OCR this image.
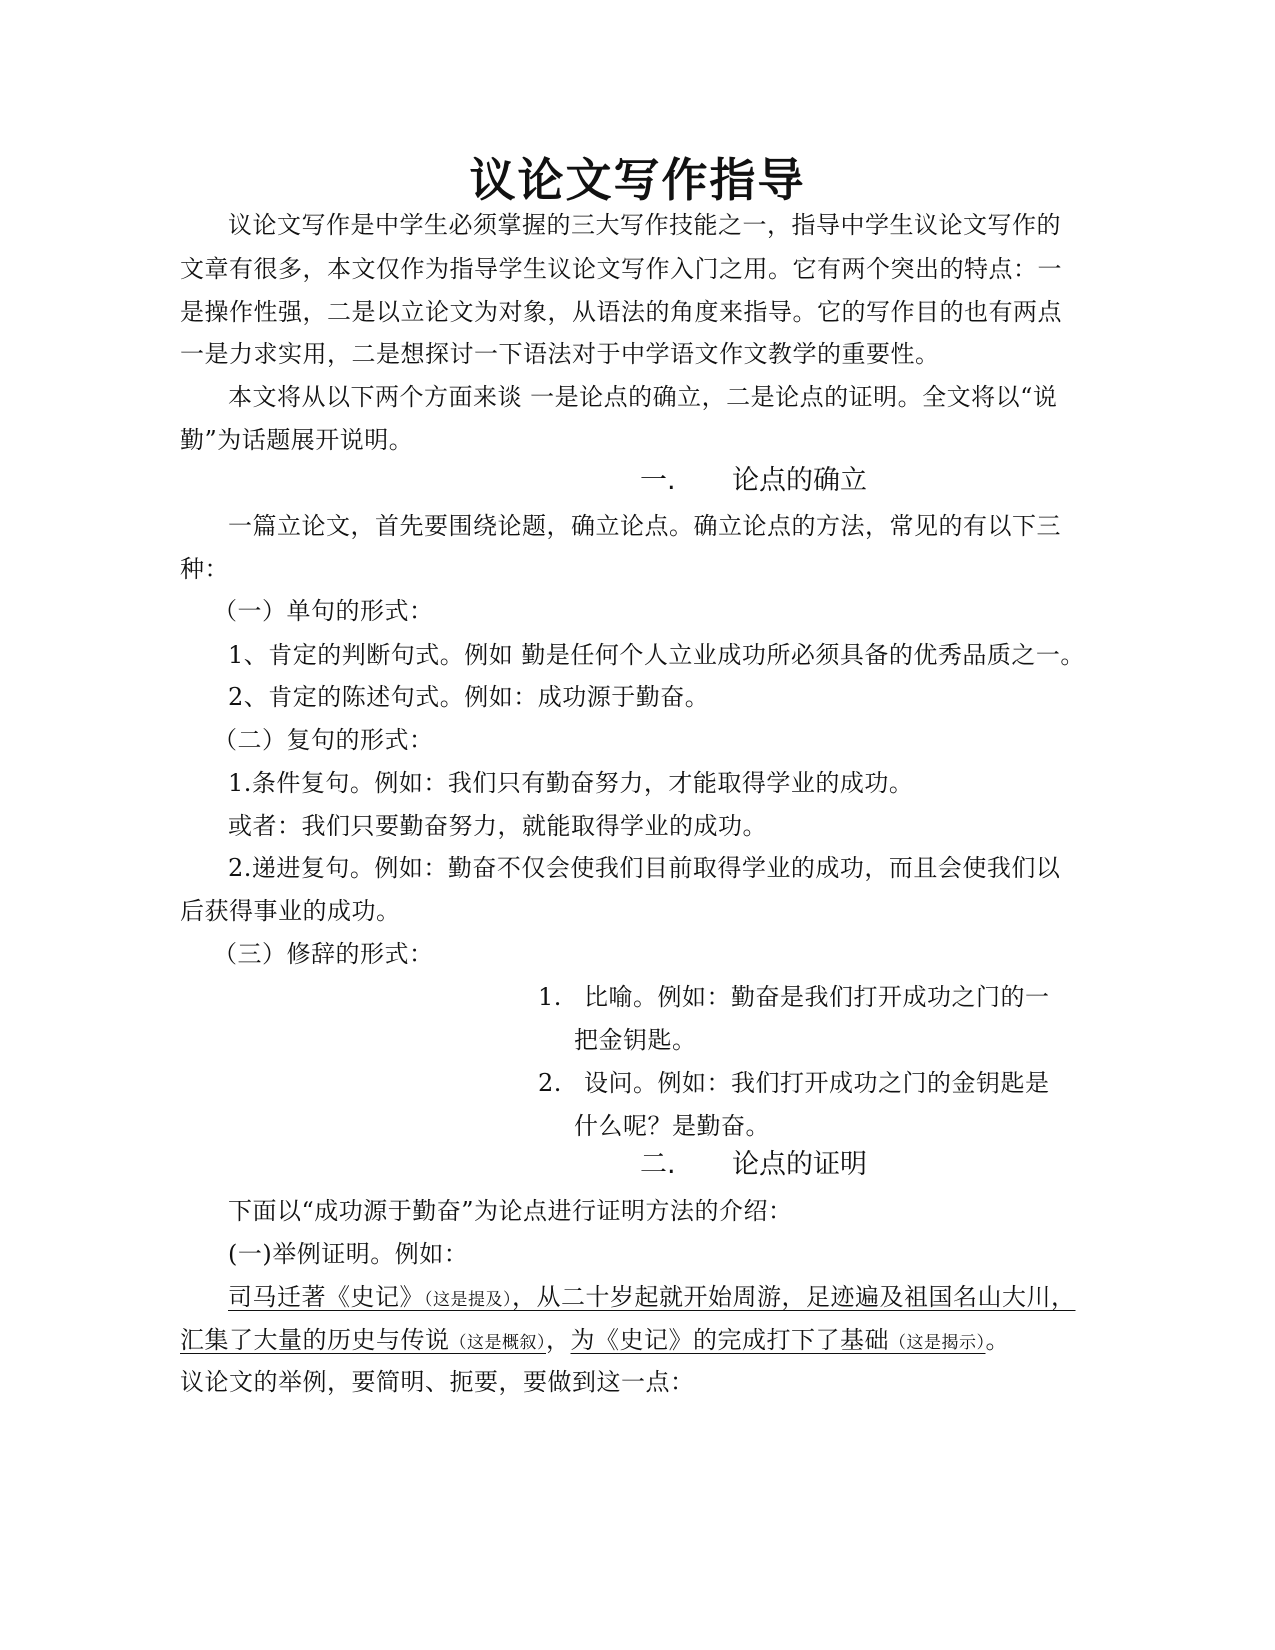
议论文写作指导
议论文写作是中学生必须掌握的三大写作技能之一，指导中学生议论文写作的
文章有很多，本文仅作为指导学生议论文写作入门之用。它有两个突出的特点：一
是操作性强，二是以立论文为对象，从语法的角度来指导。它的写作目的也有两点
一是力求实用，二是想探讨一下语法对于中学语文作文教学的重要性。
本文将从以下两个方面来谈 一是论点的确立，二是论点的证明。全文将以“说
勤”为话题展开说明。
一. 论点的确立
一篇立论文，首先要围绕论题，确立论点。确立论点的方法，常见的有以下三
种：
（一）单句的形式：
1、肯定的判断句式。例如 勤是任何个人立业成功所必须具备的优秀品质之一。
2、肯定的陈述句式。例如：成功源于勤奋。
（二）复句的形式：
1.条件复句。例如：我们只有勤奋努力，才能取得学业的成功。
或者：我们只要勤奋努力，就能取得学业的成功。
2.递进复句。例如：勤奋不仅会使我们目前取得学业的成功，而且会使我们以
后获得事业的成功。
（三）修辞的形式：
1. 比喻。例如：勤奋是我们打开成功之门的一
把金钥匙。
2. 设问。例如：我们打开成功之门的金钥匙是
什么呢？是勤奋。
二. 论点的证明
下面以“成功源于勤奋”为论点进行证明方法的介绍：
(一)举例证明。例如：
司马迁著《史记》（这是提及），从二十岁起就开始周游，足迹遍及祖国名山大川，
汇集了大量的历史与传说（这是概叙），为《史记》的完成打下了基础（这是揭示）。
议论文的举例，要简明、扼要，要做到这一点：
